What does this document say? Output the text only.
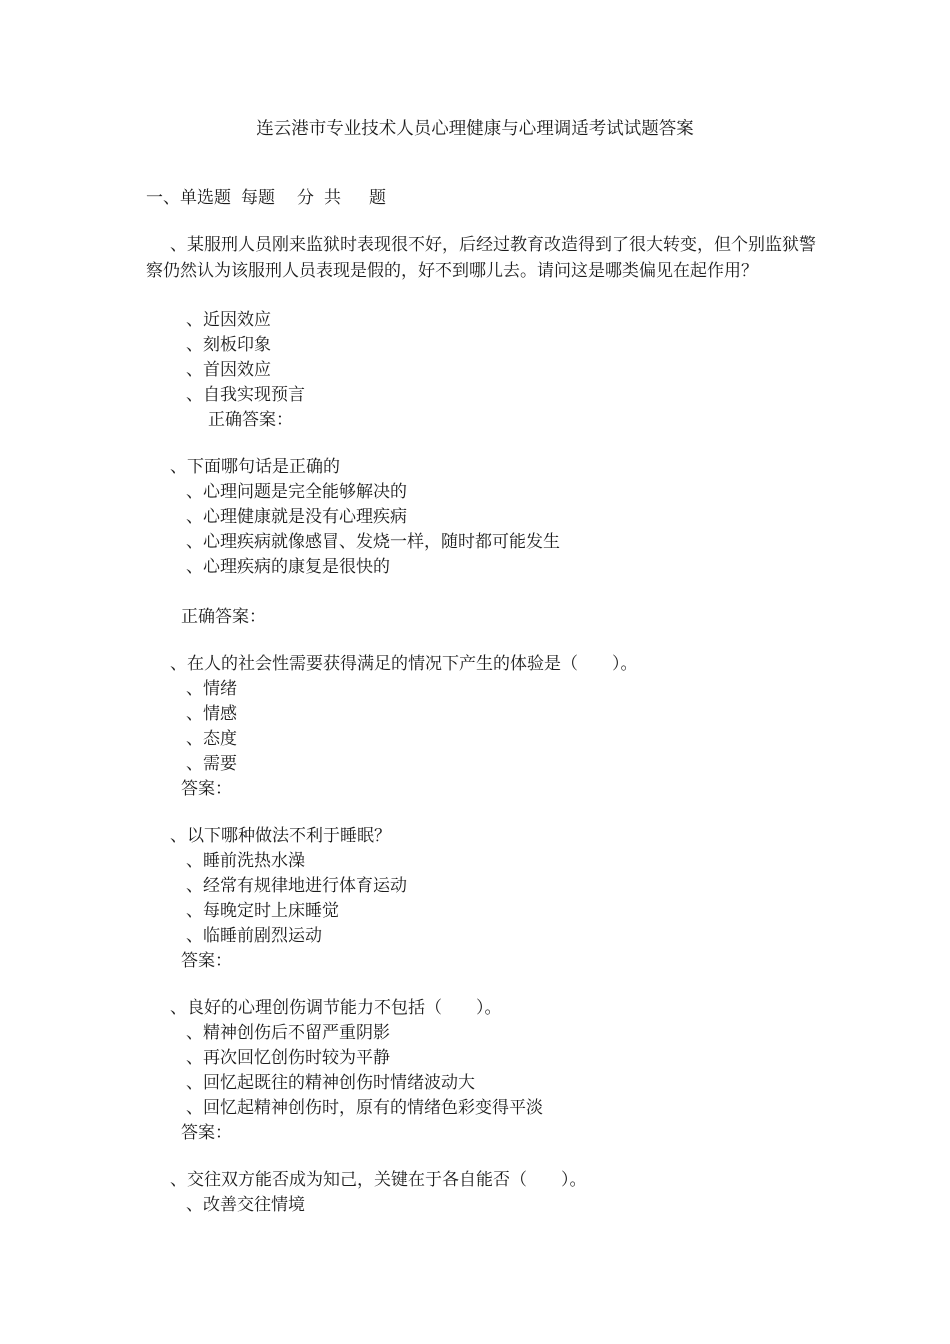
连云港市专业技术人员心理健康与心理调适考试试题答案
一、单选题 每题 分 共 题
、某服刑人员刚来监狱时表现很不好，后经过教育改造得到了很大转变，但个别监狱警察仍然认为该服刑人员表现是假的，好不到哪儿去。请问这是哪类偏见在起作用？
、近因效应
、刻板印象
、首因效应
、自我实现预言
正确答案：
、下面哪句话是正确的
、心理问题是完全能够解决的
、心理健康就是没有心理疾病
、心理疾病就像感冒、发烧一样，随时都可能发生
、心理疾病的康复是很快的
正确答案：
、在人的社会性需要获得满足的情况下产生的体验是（　　）。
、情绪
、情感
、态度
、需要
答案：
、以下哪种做法不利于睡眠？
、睡前洗热水澡
、经常有规律地进行体育运动
、每晚定时上床睡觉
、临睡前剧烈运动
答案：
、良好的心理创伤调节能力不包括（　　）。
、精神创伤后不留严重阴影
、再次回忆创伤时较为平静
、回忆起既往的精神创伤时情绪波动大
、回忆起精神创伤时，原有的情绪色彩变得平淡
答案：
、交往双方能否成为知己，关键在于各自能否（　　）。
、改善交往情境
